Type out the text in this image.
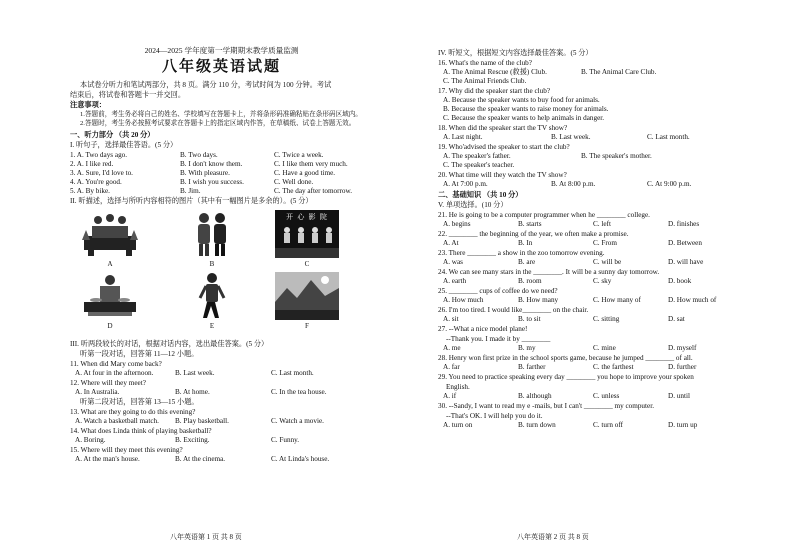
2024—2025 学年度第一学期期末教学质量监测
八年级英语试题
本试卷分听力和笔试两部分，共 8 页。满分 110 分，考试时间为 100 分钟。考试
结束后，将试卷和答题卡一并交回。
注意事项：
1.答题前，考生务必将自己的姓名、学校填写在答题卡上，并将条形码准确粘贴在条形码区域内。
2.答题时，考生务必按照考试要求在答题卡上的指定区域内作答，在草稿纸、试卷上答题无效。
一、听力部分 （共 20 分）
I. 听句子，选择最佳答语。(5 分）
1. A. Two days ago.	B. Two days.	C. Twice a week.
2. A. I like red.	B. I don't know them.	C. I like them very much.
3. A. Sure, I'd love to.	B. With pleasure.	C. Have a good time.
4. A. You're good.	B. I wish you success.	C. Well done.
5. A. By bike.	B. Jim.	C. The day after tomorrow.
II. 听描述，选择与所听内容相符的图片（其中有一幅图片是多余的）。(5 分）
A	B
开 心 影 院
C
D	E	F
III. 听两段较长的对话，根据对话内容，选出最佳答案。(5 分）
听第一段对话，回答第 11—12 小题。
11. When did Mary come back?
A. At four in the afternoon.	B. Last week.	C. Last month.
12. Where will they meet?
A. In Australia.	B. At home.	C. In the tea house.
听第二段对话，回答第 13—15 小题。
13. What are they going to do this evening?
A. Watch a basketball match.	B. Play basketball.	C. Watch a movie.
14. What does Linda think of playing basketball?
A. Boring.	B. Exciting.	C. Funny.
15. Where will they meet this evening?
A. At the man's house.	B. At the cinema.	C. At Linda's house.
八年英语第 1 页 共 8 页
IV. 听短文，根据短文内容选择最佳答案。(5 分）
16. What's the name of the club?
A. The Animal Rescue (救援) Club.	B. The Animal Care Club.
C. The Animal Friends Club.
17. Why did the speaker start the club?
A. Because the speaker wants to buy food for animals.
B. Because the speaker wants to raise money for animals.
C. Because the speaker wants to help animals in danger.
18. When did the speaker start the TV show?
A. Last night.	B. Last week.	C. Last month.
19. Who'advised the speaker to start the club?
A. The speaker's father.	B. The speaker's mother.
C. The speaker's teacher.
20. What time will they watch the TV show?
A. At 7:00 p.m.	B. At 8:00 p.m.	C. At 9:00 p.m.
二、基础知识 （共 10 分）
V. 单项选择。(10 分）
21. He is going to be a computer programmer when he ________ college.
A. begins	B. starts	C. left	D. finishes
22. ________ the beginning of the year, we often make a promise.
A. At	B. In	C. From	D. Between
23. There ________ a show in the zoo tomorrow evening.
A. was	B. are	C. will be	D. will have
24. We can see many stars in the ________. It will be a sunny day tomorrow.
A. earth	B. room	C. sky	D. book
25. ________ cups of coffee do we need?
A. How much	B. How many	C. How many of	D. How much of
26. I'm too tired. I would like________ on the chair.
A. sit	B. to sit	C. sitting	D. sat
27. --What a nice model plane!
--Thank you. I made it by ________
A. me	B. my	C. mine	D. myself
28. Henry won first prize in the school sports game, because he jumped ________ of all.
A. far	B. farther	C. the farthest	D. further
29. You need to practice speaking every day ________ you hope to improve your spoken
English.
A. if	B. although	C. unless	D. until
30. --Sandy, I want to read my e -mails, but I can't ________ my computer.
--That's OK. I will help you do it.
A. turn on	B. turn down	C. turn off	D. turn up
八年英语第 2 页 共 8 页
